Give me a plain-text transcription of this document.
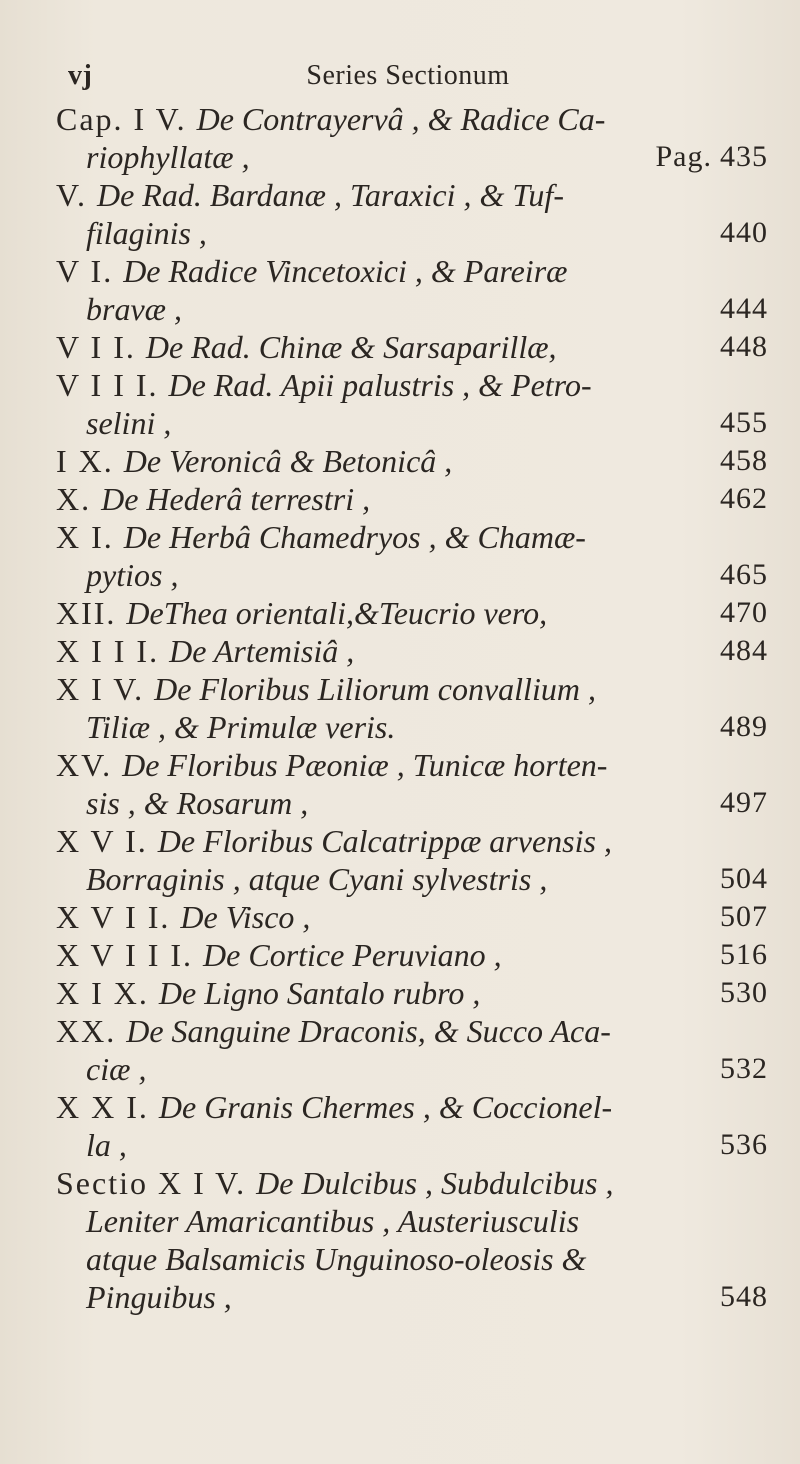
vj	Series Sectionum
Cap. I V. De Contrayervâ , & Radice Ca-
riophyllatæ ,	Pag. 435
V. De Rad. Bardanæ , Taraxici , & Tuf-
filaginis ,	440
V I. De Radice Vincetoxici , & Pareiræ
bravæ ,	444
V I I. De Rad. Chinæ & Sarsaparillæ,	448
V I I I. De Rad. Apii palustris , & Petro-
selini ,	455
I X. De Veronicâ & Betonicâ ,	458
X. De Hederâ terrestri ,	462
X I. De Herbâ Chamedryos , & Chamæ-
pytios ,	465
XII. DeThea orientali,&Teucrio vero,	470
X I I I. De Artemisiâ ,	484
X I V. De Floribus Liliorum convallium ,
Tiliæ , & Primulæ veris.	489
XV. De Floribus Pæoniæ , Tunicæ horten-
sis , & Rosarum ,	497
X V I. De Floribus Calcatrippæ arvensis ,
Borraginis , atque Cyani sylvestris ,	504
X V I I. De Visco ,	507
X V I I I. De Cortice Peruviano ,	516
X I X. De Ligno Santalo rubro ,	530
XX. De Sanguine Draconis, & Succo Aca-
ciæ ,	532
X X I. De Granis Chermes , & Coccionel-
la ,	536
Sectio X I V. De Dulcibus , Subdulcibus ,
Leniter Amaricantibus , Austeriusculis
atque Balsamicis Unguinoso-oleosis &
Pinguibus ,	548
